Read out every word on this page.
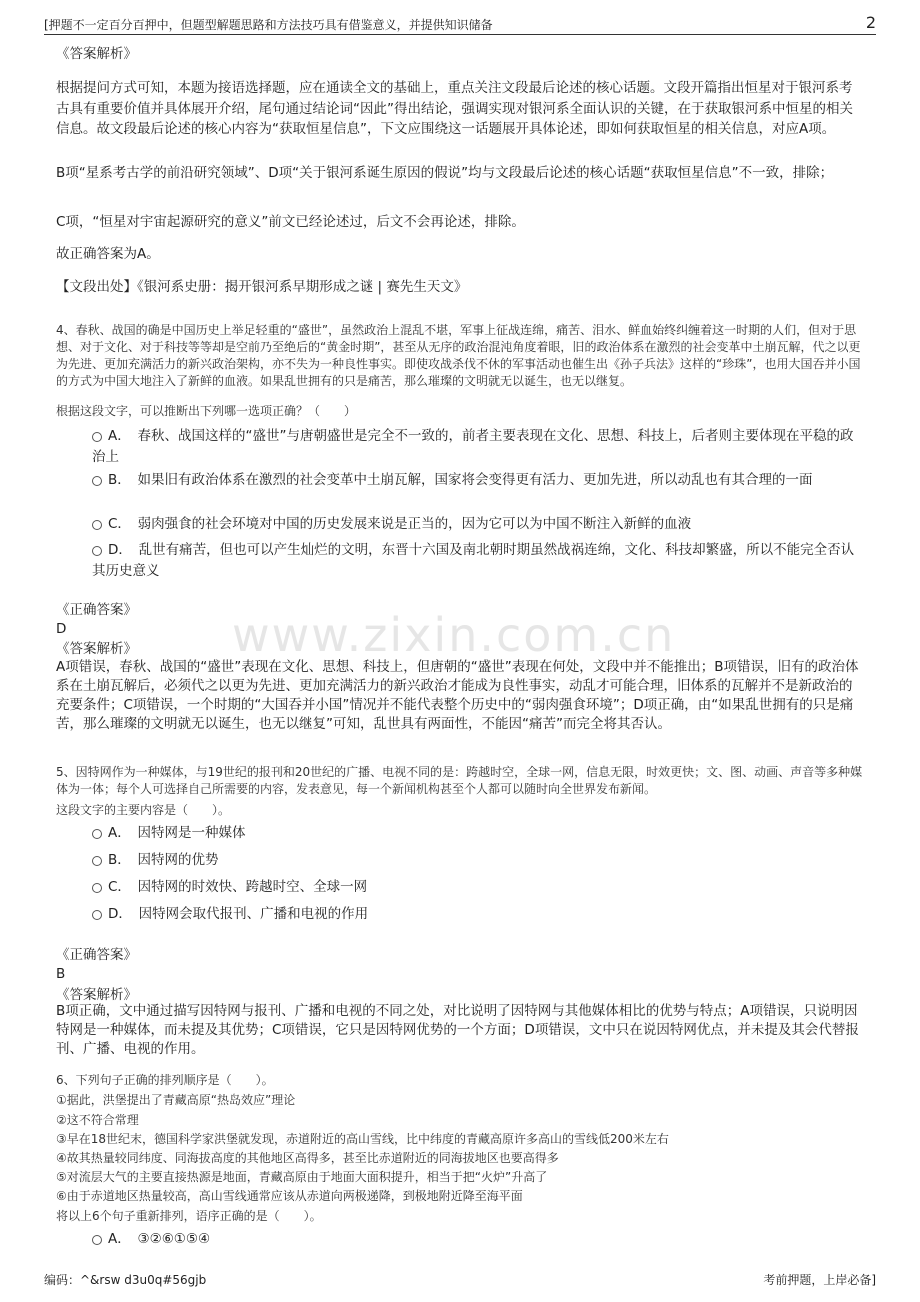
[押题不一定百分百押中，但题型解题思路和方法技巧具有借鉴意义，并提供知识储备	2
www.zixin.com.cn
《答案解析》
根据提问方式可知，本题为接语选择题，应在通读全文的基础上，重点关注文段最后论述的核心话题。文段开篇指出恒星对于银河系考古具有重要价值并具体展开介绍，尾句通过结论词“因此”得出结论，强调实现对银河系全面认识的关键，在于获取银河系中恒星的相关信息。故文段最后论述的核心内容为“获取恒星信息”，下文应围绕这一话题展开具体论述，即如何获取恒星的相关信息，对应A项。
B项“星系考古学的前沿研究领域”、D项“关于银河系诞生原因的假说”均与文段最后论述的核心话题“获取恒星信息”不一致，排除；
C项，“恒星对宇宙起源研究的意义”前文已经论述过，后文不会再论述，排除。
故正确答案为A。
【文段出处】《银河系史册：揭开银河系早期形成之谜 | 赛先生天文》
4、春秋、战国的确是中国历史上举足轻重的“盛世”，虽然政治上混乱不堪，军事上征战连绵，痛苦、泪水、鲜血始终纠缠着这一时期的人们，但对于思想、对于文化、对于科技等等却是空前乃至绝后的“黄金时期”，甚至从无序的政治混沌角度着眼，旧的政治体系在激烈的社会变革中土崩瓦解，代之以更为先进、更加充满活力的新兴政治架构，亦不失为一种良性事实。即使攻战杀伐不休的军事活动也催生出《孙子兵法》这样的“珍珠”，也用大国吞并小国的方式为中国大地注入了新鲜的血液。如果乱世拥有的只是痛苦，那么璀璨的文明就无以诞生，也无以继复。
根据这段文字，可以推断出下列哪一选项正确？（　　）
A．　春秋、战国这样的“盛世”与唐朝盛世是完全不一致的，前者主要表现在文化、思想、科技上，后者则主要体现在平稳的政治上
B．　如果旧有政治体系在激烈的社会变革中土崩瓦解，国家将会变得更有活力、更加先进，所以动乱也有其合理的一面
C．　弱肉强食的社会环境对中国的历史发展来说是正当的，因为它可以为中国不断注入新鲜的血液
D．　乱世有痛苦，但也可以产生灿烂的文明，东晋十六国及南北朝时期虽然战祸连绵，文化、科技却繁盛，所以不能完全否认其历史意义
《正确答案》
D
《答案解析》
A项错误，春秋、战国的“盛世”表现在文化、思想、科技上，但唐朝的“盛世”表现在何处，文段中并不能推出；B项错误，旧有的政治体系在土崩瓦解后，必须代之以更为先进、更加充满活力的新兴政治才能成为良性事实，动乱才可能合理，旧体系的瓦解并不是新政治的充要条件；C项错误，一个时期的“大国吞并小国”情况并不能代表整个历史中的“弱肉强食环境”；D项正确，由“如果乱世拥有的只是痛苦，那么璀璨的文明就无以诞生，也无以继复”可知，乱世具有两面性，不能因“痛苦”而完全将其否认。
5、因特网作为一种媒体，与19世纪的报刊和20世纪的广播、电视不同的是：跨越时空，全球一网，信息无限，时效更快；文、图、动画、声音等多种媒体为一体；每个人可选择自己所需要的内容，发表意见，每一个新闻机构甚至个人都可以随时向全世界发布新闻。
这段文字的主要内容是（　　）。
A．　因特网是一种媒体
B．　因特网的优势
C．　因特网的时效快、跨越时空、全球一网
D．　因特网会取代报刊、广播和电视的作用
《正确答案》
B
《答案解析》
B项正确，文中通过描写因特网与报刊、广播和电视的不同之处，对比说明了因特网与其他媒体相比的优势与特点；A项错误，只说明因特网是一种媒体，而未提及其优势；C项错误，它只是因特网优势的一个方面；D项错误，文中只在说因特网优点，并未提及其会代替报刊、广播、电视的作用。
6、下列句子正确的排列顺序是（　　）。
①据此，洪堡提出了青藏高原“热岛效应”理论
②这不符合常理
③早在18世纪末，德国科学家洪堡就发现，赤道附近的高山雪线，比中纬度的青藏高原许多高山的雪线低200米左右
④故其热量较同纬度、同海拔高度的其他地区高得多，甚至比赤道附近的同海拔地区也要高得多
⑤对流层大气的主要直接热源是地面，青藏高原由于地面大面积提升，相当于把“火炉”升高了
⑥由于赤道地区热量较高，高山雪线通常应该从赤道向两极递降，到极地附近降至海平面
将以上6个句子重新排列，语序正确的是（　　）。
A．　③②⑥①⑤④
编码：^&rsw d3u0q#56gjb	考前押题，上岸必备]
